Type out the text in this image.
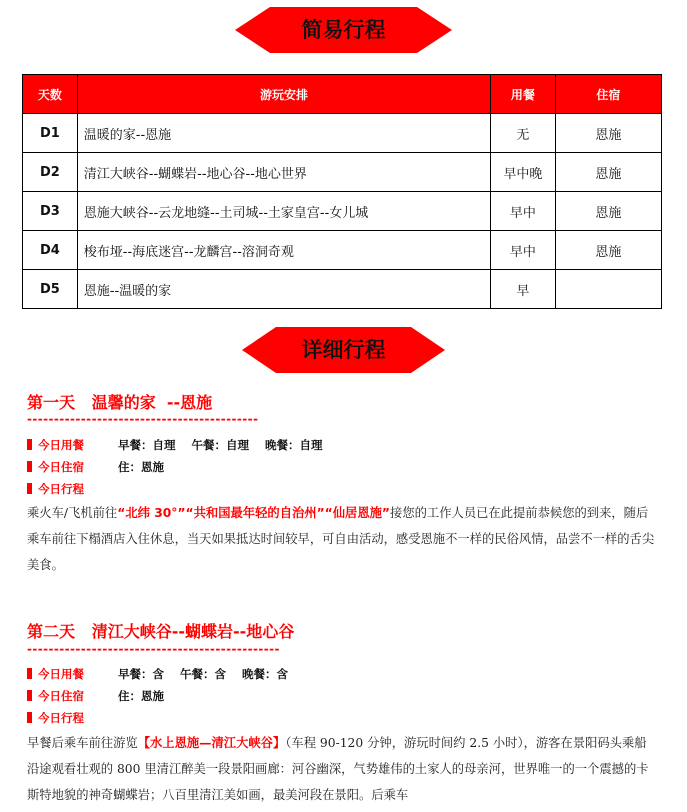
简易行程
天数	游玩安排	用餐	住宿
D1	温暖的家--恩施	无	恩施
D2	清江大峡谷--蝴蝶岩--地心谷--地心世界	早中晚	恩施
D3	恩施大峡谷--云龙地缝--土司城--土家皇宫--女儿城	早中	恩施
D4	梭布垭--海底迷宫--龙麟宫--溶洞奇观	早中	恩施
D5	恩施--温暖的家	早	
详细行程
第一天   温馨的家  --恩施
-------------------------------------------
今日用餐	早餐：自理 午餐：自理 晚餐：自理
今日住宿	住：恩施
今日行程
乘火车/飞机前往“北纬 30°”“共和国最年轻的自治州”“仙居恩施”接您的工作人员已在此提前恭候您的到来，随后乘车前往下榻酒店入住休息，当天如果抵达时间较早，可自由活动，感受恩施不一样的民俗风情，品尝不一样的舌尖美食。
第二天   清江大峡谷--蝴蝶岩--地心谷
-----------------------------------------------
今日用餐	早餐：含 午餐：含 晚餐：含
今日住宿	住：恩施
今日行程
早餐后乘车前往游览【水上恩施—清江大峡谷】（车程 90-120 分钟，游玩时间约 2.5 小时），游客在景阳码头乘船沿途观看壮观的 800 里清江醉美一段景阳画廊：河谷幽深，气势雄伟的土家人的母亲河，世界唯一的一个震撼的卡斯特地貌的神奇蝴蝶岩；八百里清江美如画，最美河段在景阳。后乘车
